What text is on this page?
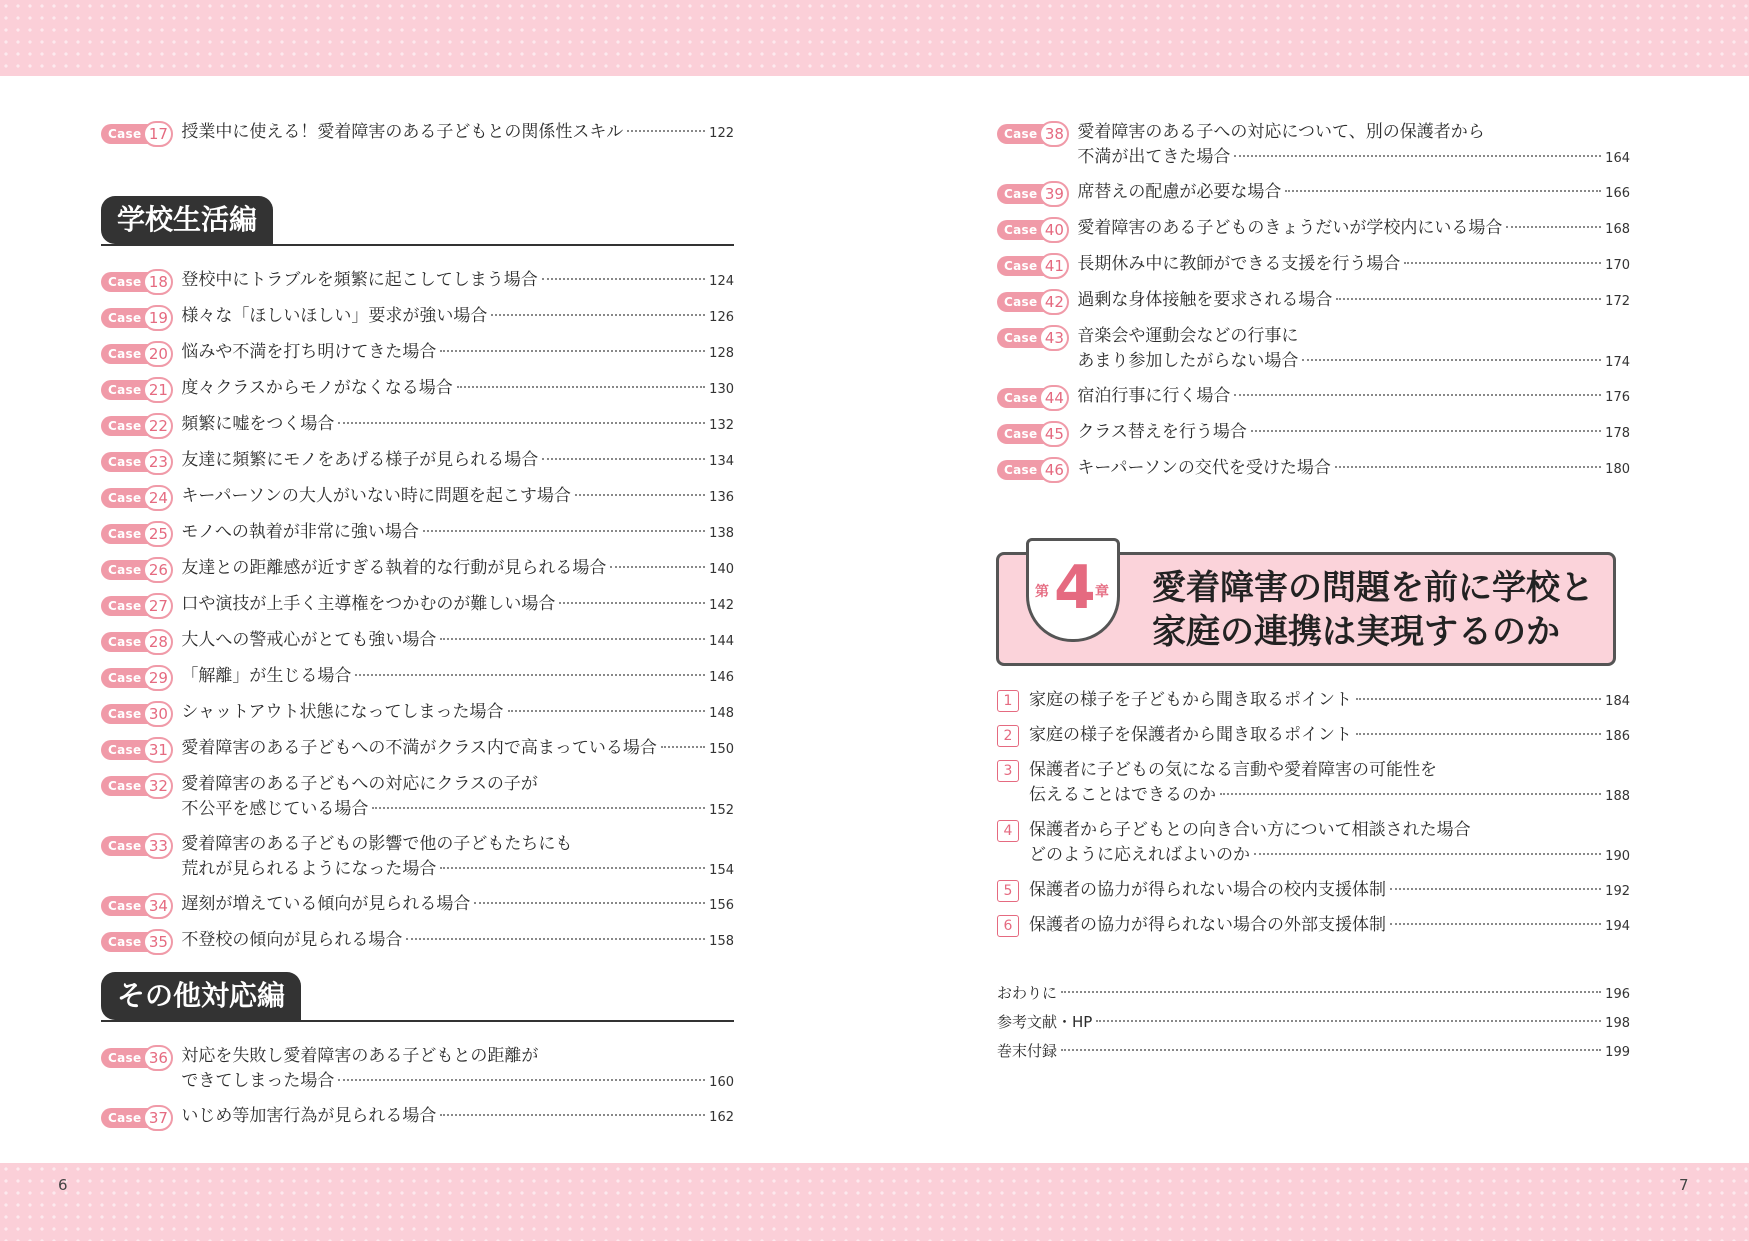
6	7
Case 17 授業中に使える！愛着障害のある子どもとの関係性スキル	122
学校生活編
Case 18 登校中にトラブルを頻繁に起こしてしまう場合	124
Case 19 様々な「ほしいほしい」要求が強い場合	126
Case 20 悩みや不満を打ち明けてきた場合	128
Case 21 度々クラスからモノがなくなる場合	130
Case 22 頻繁に嘘をつく場合	132
Case 23 友達に頻繁にモノをあげる様子が見られる場合	134
Case 24 キーパーソンの大人がいない時に問題を起こす場合	136
Case 25 モノへの執着が非常に強い場合	138
Case 26 友達との距離感が近すぎる執着的な行動が見られる場合	140
Case 27 口や演技が上手く主導権をつかむのが難しい場合	142
Case 28 大人への警戒心がとても強い場合	144
Case 29 「解離」が生じる場合	146
Case 30 シャットアウト状態になってしまった場合	148
Case 31 愛着障害のある子どもへの不満がクラス内で高まっている場合	150
Case 32 愛着障害のある子どもへの対応にクラスの子が
不公平を感じている場合	152
Case 33 愛着障害のある子どもの影響で他の子どもたちにも
荒れが見られるようになった場合	154
Case 34 遅刻が増えている傾向が見られる場合	156
Case 35 不登校の傾向が見られる場合	158
その他対応編
Case 36 対応を失敗し愛着障害のある子どもとの距離が
できてしまった場合	160
Case 37 いじめ等加害行為が見られる場合	162
Case 38 愛着障害のある子への対応について、別の保護者から
不満が出てきた場合	164
Case 39 席替えの配慮が必要な場合	166
Case 40 愛着障害のある子どものきょうだいが学校内にいる場合	168
Case 41 長期休み中に教師ができる支援を行う場合	170
Case 42 過剰な身体接触を要求される場合	172
Case 43 音楽会や運動会などの行事に
あまり参加したがらない場合	174
Case 44 宿泊行事に行く場合	176
Case 45 クラス替えを行う場合	178
Case 46 キーパーソンの交代を受けた場合	180
第 4 章 愛着障害の問題を前に学校と
家庭の連携は実現するのか
1 家庭の様子を子どもから聞き取るポイント	184
2 家庭の様子を保護者から聞き取るポイント	186
3 保護者に子どもの気になる言動や愛着障害の可能性を
伝えることはできるのか	188
4 保護者から子どもとの向き合い方について相談された場合
どのように応えればよいのか	190
5 保護者の協力が得られない場合の校内支援体制	192
6 保護者の協力が得られない場合の外部支援体制	194
おわりに	196
参考文献・HP	198
巻末付録	199
